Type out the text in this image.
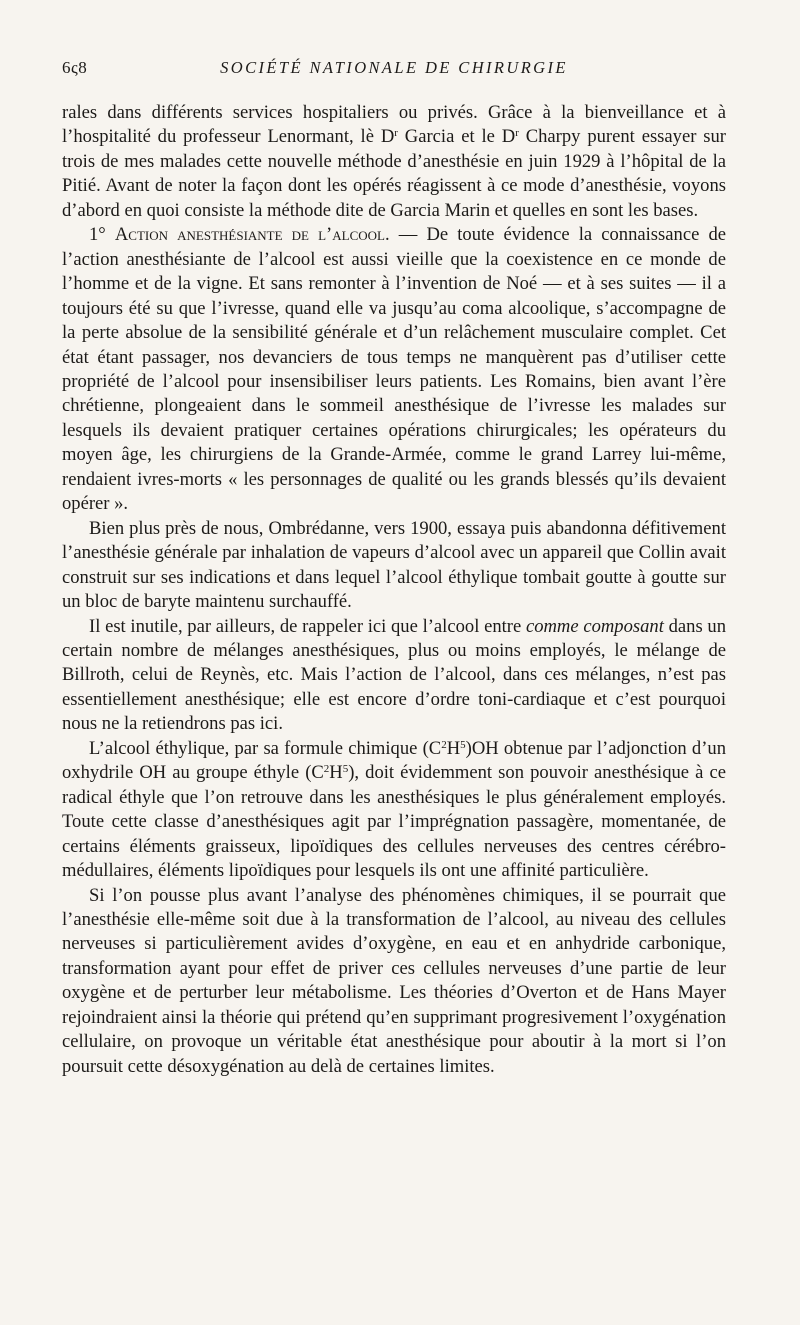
6ς8	SOCIÉTÉ NATIONALE DE CHIRURGIE

rales dans différents services hospitaliers ou privés. Grâce à la bienveillance et à l’hospitalité du professeur Lenormant, lè $D^r$ Garcia et le $D^r$ Charpy purent essayer sur trois de mes malades cette nouvelle méthode d’anesthésie en juin 1929 à l’hôpital de la Pitié. Avant de noter la façon dont les opérés réagissent à ce mode d’anesthésie, voyons d’abord en quoi consiste la méthode dite de Garcia Marin et quelles en sont les bases.

1° Action anesthésiante de l’alcool. — De toute évidence la connaissance de l’action anesthésiante de l’alcool est aussi vieille que la coexistence en ce monde de l’homme et de la vigne. Et sans remonter à l’invention de Noé — et à ses suites — il a toujours été su que l’ivresse, quand elle va jusqu’au coma alcoolique, s’accompagne de la perte absolue de la sensibilité générale et d’un relâchement musculaire complet. Cet état étant passager, nos devanciers de tous temps ne manquèrent pas d’utiliser cette propriété de l’alcool pour insensibiliser leurs patients. Les Romains, bien avant l’ère chrétienne, plongeaient dans le sommeil anesthésique de l’ivresse les malades sur lesquels ils devaient pratiquer certaines opérations chirurgicales; les opérateurs du moyen âge, les chirurgiens de la Grande-Armée, comme le grand Larrey lui-même, rendaient ivres-morts « les personnages de qualité ou les grands blessés qu’ils devaient opérer ».

Bien plus près de nous, Ombrédanne, vers 1900, essaya puis abandonna défitivement l’anesthésie générale par inhalation de vapeurs d’alcool avec un appareil que Collin avait construit sur ses indications et dans lequel l’alcool éthylique tombait goutte à goutte sur un bloc de baryte maintenu surchauffé.

Il est inutile, par ailleurs, de rappeler ici que l’alcool entre comme composant dans un certain nombre de mélanges anesthésiques, plus ou moins employés, le mélange de Billroth, celui de Reynès, etc. Mais l’action de l’alcool, dans ces mélanges, n’est pas essentiellement anesthésique; elle est encore d’ordre toni-cardiaque et c’est pourquoi nous ne la retiendrons pas ici.

L’alcool éthylique, par sa formule chimique $(C^2H^5)OH$ obtenue par l’adjonction d’un oxhydrile OH au groupe éthyle $(C^2H^5)$, doit évidemment son pouvoir anesthésique à ce radical éthyle que l’on retrouve dans les anesthésiques le plus généralement employés. Toute cette classe d’anesthésiques agit par l’imprégnation passagère, momentanée, de certains éléments graisseux, lipoïdiques des cellules nerveuses des centres cérébro-médullaires, éléments lipoïdiques pour lesquels ils ont une affinité particulière.

Si l’on pousse plus avant l’analyse des phénomènes chimiques, il se pourrait que l’anesthésie elle-même soit due à la transformation de l’alcool, au niveau des cellules nerveuses si particulièrement avides d’oxygène, en eau et en anhydride carbonique, transformation ayant pour effet de priver ces cellules nerveuses d’une partie de leur oxygène et de perturber leur métabolisme. Les théories d’Overton et de Hans Mayer rejoindraient ainsi la théorie qui prétend qu’en supprimant progresivement l’oxygénation cellulaire, on provoque un véritable état anesthésique pour aboutir à la mort si l’on poursuit cette désoxygénation au delà de certaines limites.
